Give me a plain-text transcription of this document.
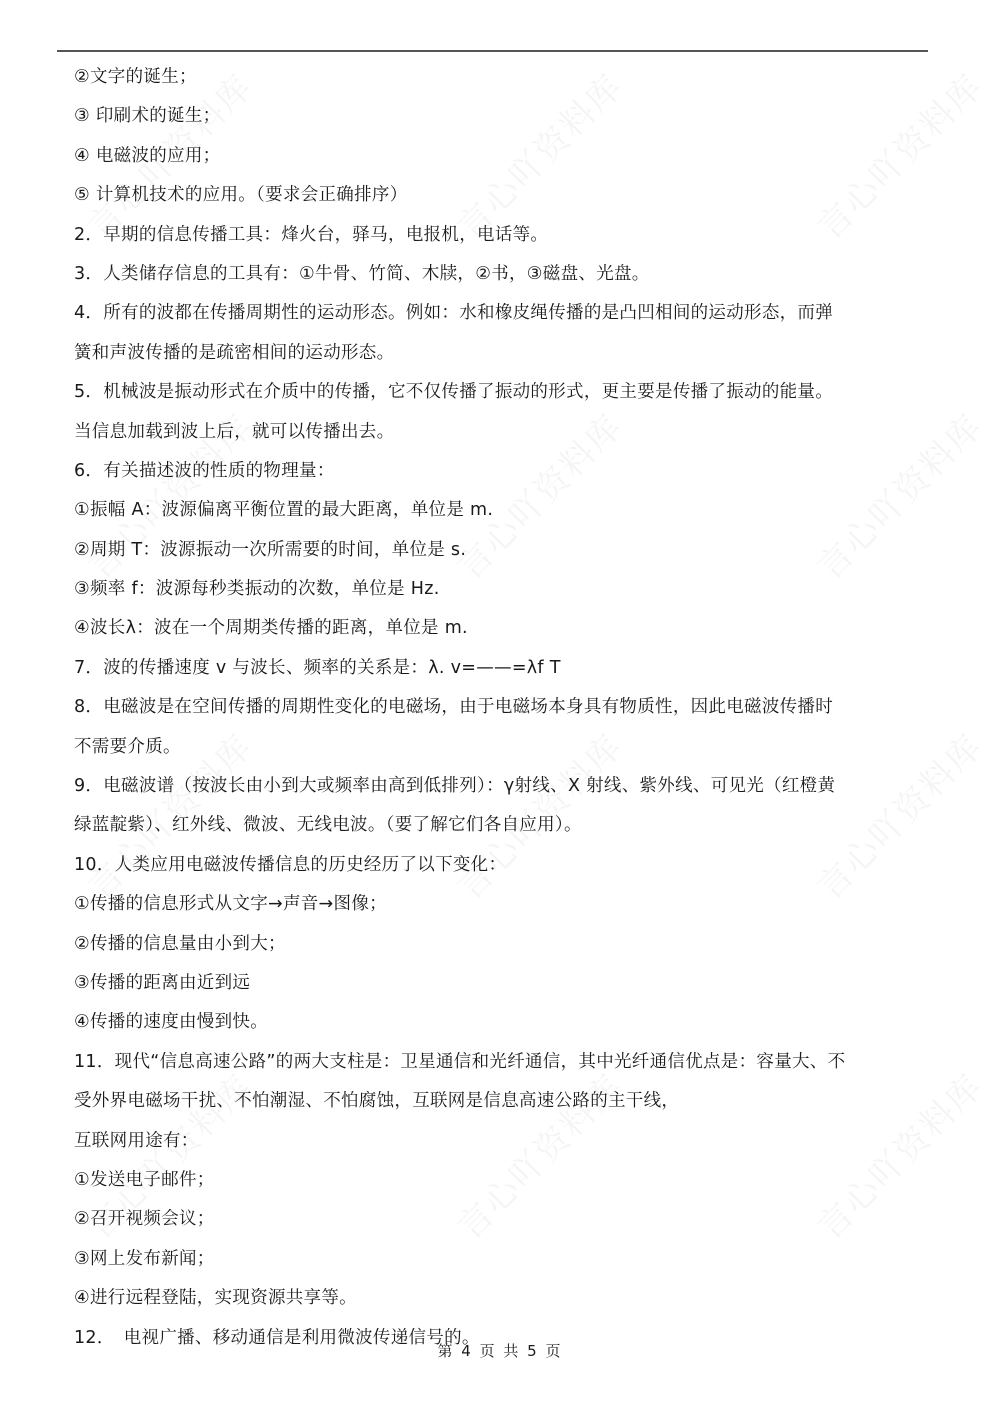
②文字的诞生；
③ 印刷术的诞生；
④ 电磁波的应用；
⑤ 计算机技术的应用。（要求会正确排序）
2．早期的信息传播工具：烽火台，驿马，电报机，电话等。
3．人类储存信息的工具有：①牛骨、竹简、木牍，②书，③磁盘、光盘。
4．所有的波都在传播周期性的运动形态。例如：水和橡皮绳传播的是凸凹相间的运动形态，而弹
簧和声波传播的是疏密相间的运动形态。
5．机械波是振动形式在介质中的传播，它不仅传播了振动的形式，更主要是传播了振动的能量。
当信息加载到波上后，就可以传播出去。
6．有关描述波的性质的物理量：
①振幅 A：波源偏离平衡位置的最大距离，单位是 m.
②周期 T：波源振动一次所需要的时间，单位是 s.
③频率 f：波源每秒类振动的次数，单位是 Hz.
④波长λ：波在一个周期类传播的距离，单位是 m.
7．波的传播速度 v 与波长、频率的关系是：λ. v=——=λf T
8．电磁波是在空间传播的周期性变化的电磁场，由于电磁场本身具有物质性，因此电磁波传播时
不需要介质。
9．电磁波谱（按波长由小到大或频率由高到低排列）：γ射线、X 射线、紫外线、可见光（红橙黄
绿蓝靛紫）、红外线、微波、无线电波。（要了解它们各自应用）。
10．人类应用电磁波传播信息的历史经历了以下变化：
①传播的信息形式从文字→声音→图像；
②传播的信息量由小到大；
③传播的距离由近到远
④传播的速度由慢到快。
11．现代“信息高速公路”的两大支柱是：卫星通信和光纤通信，其中光纤通信优点是：容量大、不
受外界电磁场干扰、不怕潮湿、不怕腐蚀，互联网是信息高速公路的主干线，
互联网用途有：
①发送电子邮件；
②召开视频会议；
③网上发布新闻；
④进行远程登陆，实现资源共享等。
12．　电视广播、移动通信是利用微波传递信号的。
第 4 页 共 5 页
